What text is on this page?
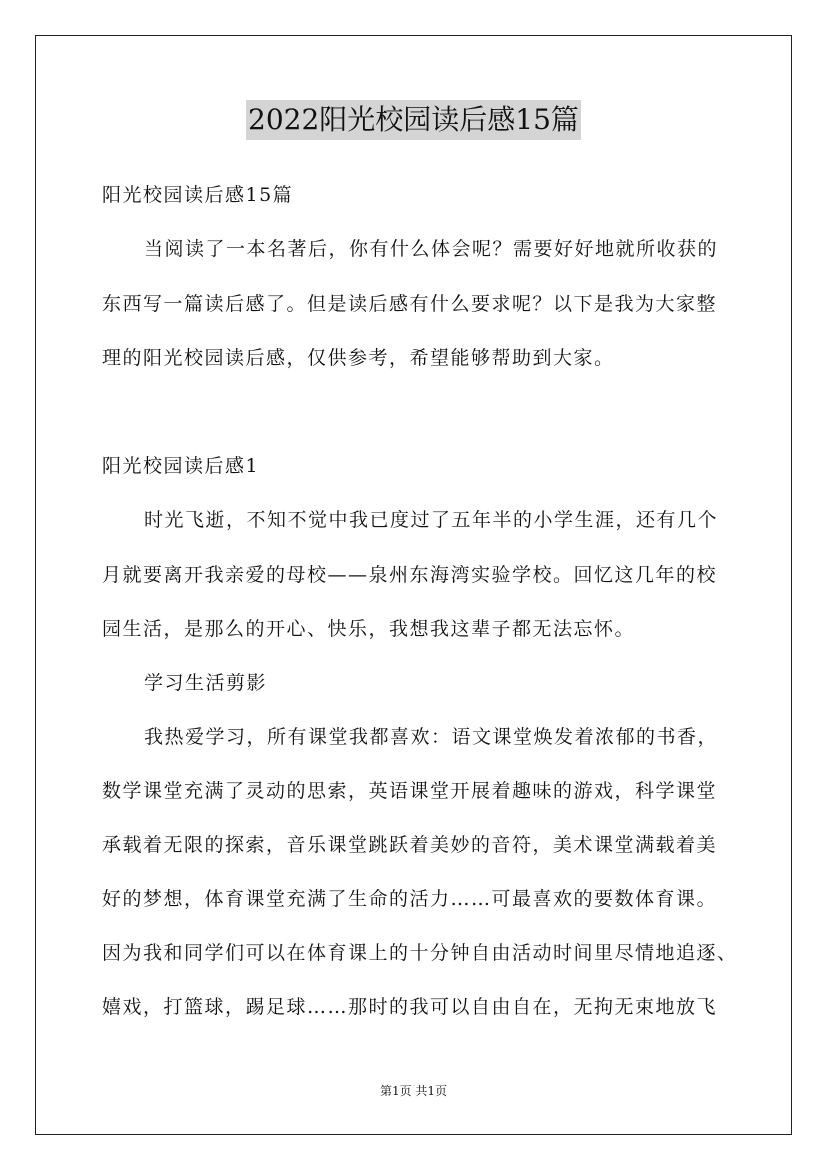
2022阳光校园读后感15篇
阳光校园读后感15篇
当阅读了一本名著后，你有什么体会呢？需要好好地就所收获的
东西写一篇读后感了。但是读后感有什么要求呢？以下是我为大家整
理的阳光校园读后感，仅供参考，希望能够帮助到大家。
阳光校园读后感1
时光飞逝，不知不觉中我已度过了五年半的小学生涯，还有几个
月就要离开我亲爱的母校——泉州东海湾实验学校。回忆这几年的校
园生活，是那么的开心、快乐，我想我这辈子都无法忘怀。
学习生活剪影
我热爱学习，所有课堂我都喜欢：语文课堂焕发着浓郁的书香，
数学课堂充满了灵动的思索，英语课堂开展着趣味的游戏，科学课堂
承载着无限的探索，音乐课堂跳跃着美妙的音符，美术课堂满载着美
好的梦想，体育课堂充满了生命的活力……可最喜欢的要数体育课。
因为我和同学们可以在体育课上的十分钟自由活动时间里尽情地追逐、
嬉戏，打篮球，踢足球……那时的我可以自由自在，无拘无束地放飞
第1页 共1页
